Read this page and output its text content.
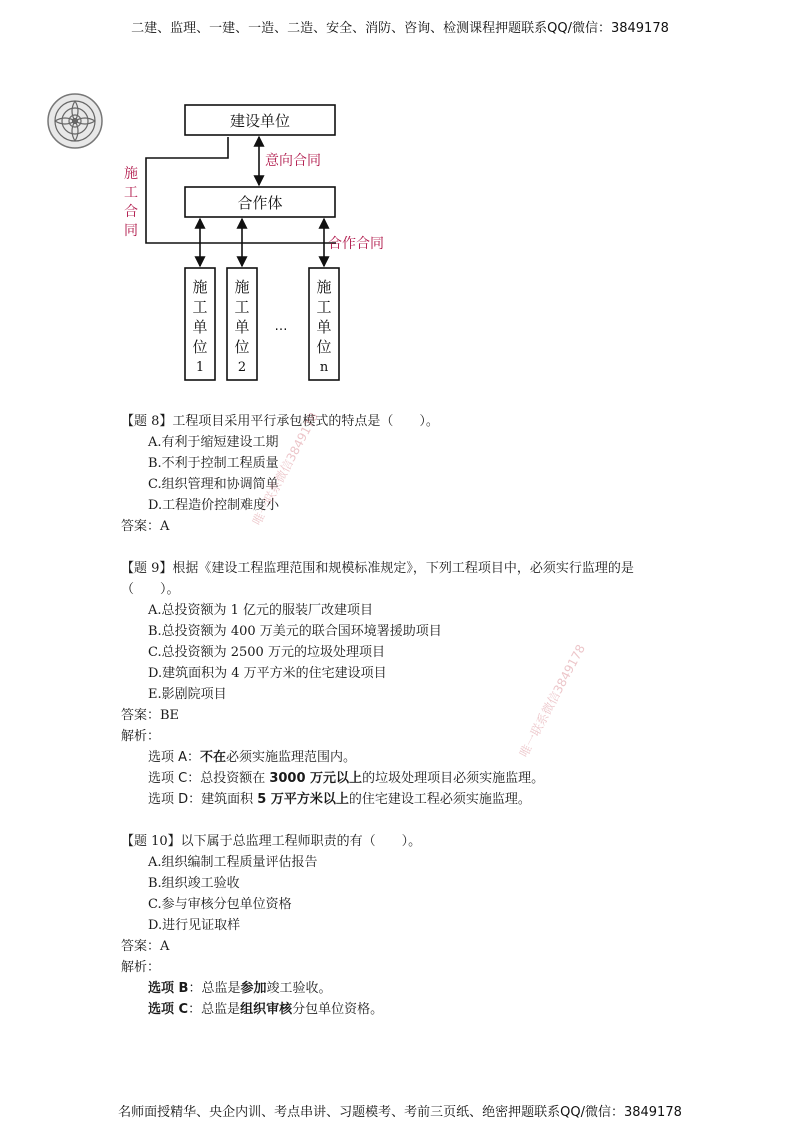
二建、监理、一建、一造、二造、安全、消防、咨询、检测课程押题联系QQ/微信：3849178
建设单位
合作体
意向合同
合作合同
施
工
合
同
施
工
单
位
1
施
工
单
位
2
施
工
单
位
n
…
【题 8】工程项目采用平行承包模式的特点是（　　）。
A.有利于缩短建设工期
B.不利于控制工程质量
C.组织管理和协调简单
D.工程造价控制难度小
答案：A
【题 9】根据《建设工程监理范围和规模标准规定》，下列工程项目中，必须实行监理的是（　　）。
A.总投资额为 1 亿元的服装厂改建项目
B.总投资额为 400 万美元的联合国环境署援助项目
C.总投资额为 2500 万元的垃圾处理项目
D.建筑面积为 4 万平方米的住宅建设项目
E.影剧院项目
答案：BE
解析：
选项 A：不在必须实施监理范围内。
选项 C：总投资额在 3000 万元以上的垃圾处理项目必须实施监理。
选项 D：建筑面积 5 万平方米以上的住宅建设工程必须实施监理。
【题 10】以下属于总监理工程师职责的有（　　）。
A.组织编制工程质量评估报告
B.组织竣工验收
C.参与审核分包单位资格
D.进行见证取样
答案：A
解析：
选项 B：总监是参加竣工验收。
选项 C：总监是组织审核分包单位资格。
唯一联系微信3849178
唯一联系微信3849178
名师面授精华、央企内训、考点串讲、习题模考、考前三页纸、绝密押题联系QQ/微信：3849178
